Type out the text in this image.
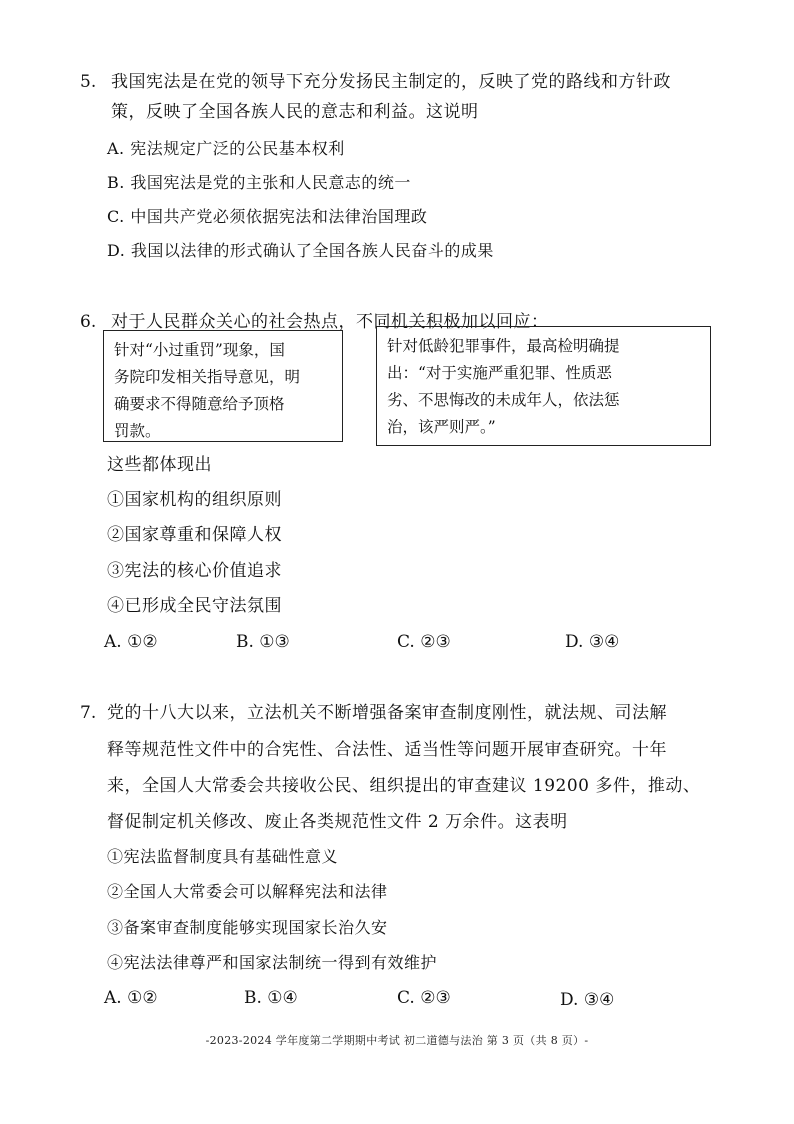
5. 我国宪法是在党的领导下充分发扬民主制定的，反映了党的路线和方针政
策，反映了全国各族人民的意志和利益。这说明
A. 宪法规定广泛的公民基本权利
B. 我国宪法是党的主张和人民意志的统一
C. 中国共产党必须依据宪法和法律治国理政
D. 我国以法律的形式确认了全国各族人民奋斗的成果
6. 对于人民群众关心的社会热点，不同机关积极加以回应：
针对“小过重罚”现象，国
务院印发相关指导意见，明
确要求不得随意给予顶格
罚款。
针对低龄犯罪事件，最高检明确提
出：“对于实施严重犯罪、性质恶
劣、不思悔改的未成年人，依法惩
治，该严则严。”
这些都体现出
①国家机构的组织原则
②国家尊重和保障人权
③宪法的核心价值追求
④已形成全民守法氛围
A. ①②	B. ①③	C. ②③	D. ③④
7. 党的十八大以来，立法机关不断增强备案审查制度刚性，就法规、司法解
释等规范性文件中的合宪性、合法性、适当性等问题开展审查研究。十年
来，全国人大常委会共接收公民、组织提出的审查建议 19200 多件，推动、
督促制定机关修改、废止各类规范性文件 2 万余件。这表明
①宪法监督制度具有基础性意义
②全国人大常委会可以解释宪法和法律
③备案审查制度能够实现国家长治久安
④宪法法律尊严和国家法制统一得到有效维护
A. ①②	B. ①④	C. ②③	D. ③④
-2023-2024 学年度第二学期期中考试 初二道德与法治 第 3 页（共 8 页）-
